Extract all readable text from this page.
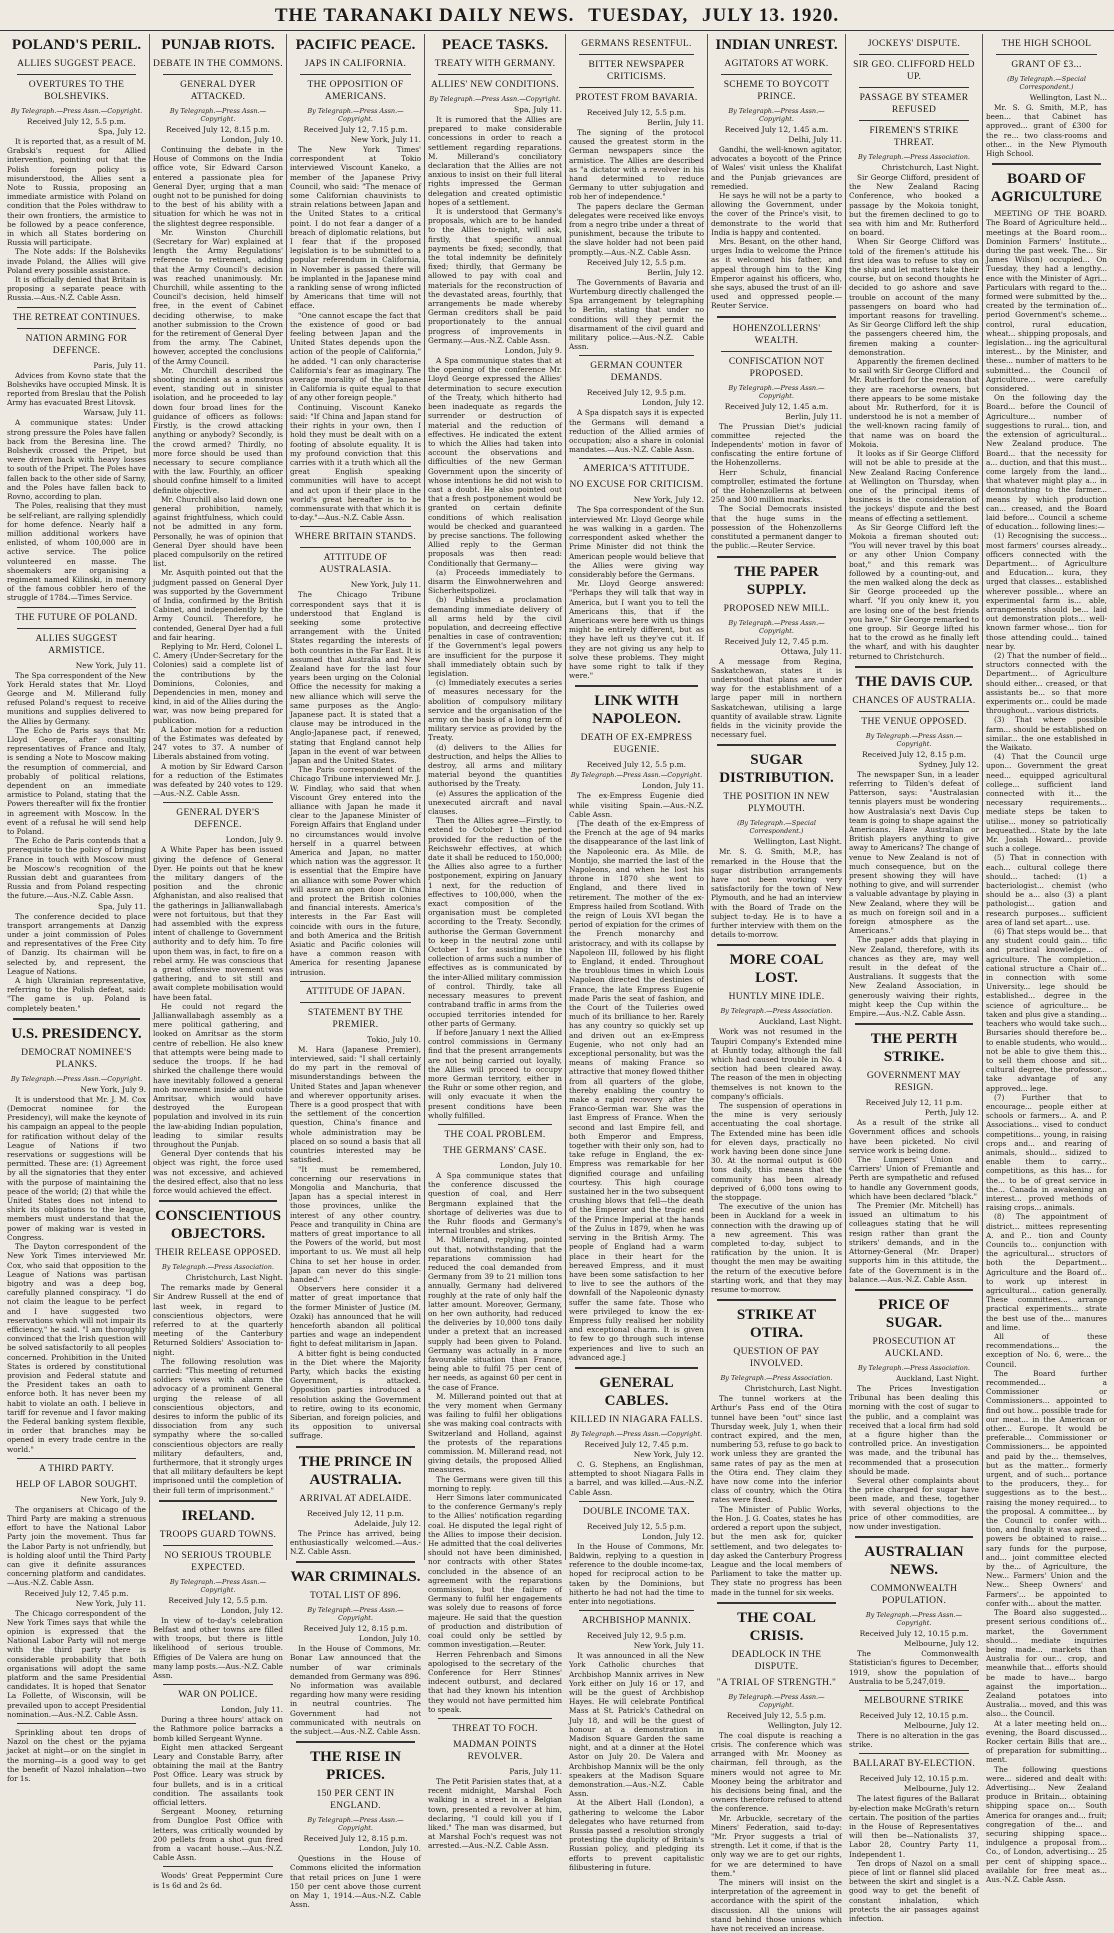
THE TARANAKI DAILY NEWS. TUESDAY, JULY 13. 1920.
POLAND'S PERIL.
ALLIES SUGGEST PEACE.
OVERTURES TO THE BOLSHEVIKS.
By Telegraph.—Press Assn.—Copyright.
Received July 12, 5.5 p.m.
Spa, July 12.
It is reported that, as a result of M. Grabski's request for Allied intervention, pointing out that the Polish foreign policy is misunderstood, the Allies sent a Note to Russia, proposing an immediate armistice with Poland on condition that the Poles withdraw to their own frontiers, the armistice to be followed by a peace conference, in which all States bordering on Russia will participate.
The Note adds: If the Bolsheviks invade Poland, the Allies will give Poland every possible assistance.
It is officially denied that Britain is proposing a separate peace with Russia.—Aus.-N.Z. Cable Assn.
THE RETREAT CONTINUES.
NATION ARMING FOR DEFENCE.
Paris, July 11.
Advices from Kovno state that the Bolsheviks have occupied Minsk. It is reported from Breslau that the Polish Army has evacuated Brest Litovsk.
Warsaw, July 11.
A communique states: Under strong pressure the Poles have fallen back from the Beresina line. The Bolshevik crossed the Pripet, but were driven back with heavy losses to south of the Pripet. The Poles have fallen back to the other side of Sarny, and the Poles have fallen back to Rovno, according to plan.
The Poles, realising that they must be self-reliant, are rallying splendidly for home defence. Nearly half a million additional workers have enlisted, of whom 100,000 are in active service. The police volunteered en masse. The shoemakers are organising a regiment named Kilinski, in memory of the famous cobbler hero of the struggle of 1784.—Times Service.
THE FUTURE OF POLAND.
ALLIES SUGGEST ARMISTICE.
New York, July 11.
The Spa correspondent of the New York Herald states that Mr. Lloyd George and M. Millerand fully refused Poland's request to receive munitions and supplies delivered to the Allies by Germany.
The Echo de Paris says that Mr. Lloyd George, after consulting representatives of France and Italy, is sending a Note to Moscow making the resumption of commercial, and probably of political relations, dependent on an immediate armistice to Poland, stating that the Powers thereafter will fix the frontier in agreement with Moscow. In the event of a refusal he will send help to Poland.
The Echo de Paris contends that a prerequisite to the policy of bringing France in touch with Moscow must be Moscow's recognition of the Russian debt and guarantees from Russia and from Poland respecting the future.—Aus.-N.Z. Cable Assn.
Spa, July 11.
The conference decided to place transport arrangements at Danzig under a joint commission of Poles and representatives of the Free City of Danzig. Its chairman will be selected by, and represent, the League of Nations.
A high Ukrainian representative, referring to the Polish defeat, said: "The game is up. Poland is completely beaten."
U.S. PRESIDENCY.
DEMOCRAT NOMINEE'S PLANKS.
By Telegraph.—Press Assn.—Copyright.
New York, July 9.
It is understood that Mr. J. M. Cox (Democrat nominee for the Presidency), will make the keynote of his campaign an appeal to the people for ratification without delay of the League of Nations if two reservations or suggestions will be permitted. These are: (1) Agreement by all the signatories that they enter with the purpose of maintaining the peace of the world; (2) that while the United States does not intend to shirk its obligations to the league, members must understand that the power of making war is vested in Congress.
The Dayton correspondent of the New York Times interviewed Mr. Cox, who said that opposition to the League of Nations was partisan bigotry and was a deep bog, carefully planned conspiracy. "I do not claim the league to be perfect and I have suggested two reservations which will not impair its efficiency," he said. "I am thoroughly convinced that the Irish question will be solved satisfactorily to all peoples concerned. Prohibition in the United States is ordered by constitutional provision and Federal statute and the President takes an oath to enforce both. It has never been my habit to violate an oath. I believe in tariff for revenue and I favor making the Federal banking system flexible, in order that branches may be opened in every trade centre in the world."
A THIRD PARTY.
HELP OF LABOR SOUGHT.
New York, July 9.
The organisers at Chicago of the Third Party are making a strenuous effort to have the National Labor Party join the movement. Thus far the Labor Party is not unfriendly, but is holding aloof until the Third Party can give it definite assurances concerning platform and candidates.—Aus.-N.Z. Cable Assn.
Received July 12, 7.45 p.m.
New York, July 11.
The Chicago correspondent of the New York Times says that while the opinion is expressed that the National Labor Party will not merge with the third party there is considerable probability that both organisations will adopt the same platform and the same Presidential candidates. It is hoped that Senator La Follette, of Wisconsin, will be prevailed upon to accept Presidential nomination.—Aus.-N.Z. Cable Assn.
Sprinkling about ten drops of Nazol on the chest or the pyjama jacket at night—or on the singlet in the morning—is a good way to get the benefit of Nazol inhalation—two for 1s.
PUNJAB RIOTS.
DEBATE IN THE COMMONS.
GENERAL DYER ATTACKED.
By Telegraph.—Press Assn.—Copyright.
Received July 12, 8.15 p.m.
London, July 10.
Continuing the debate in the House of Commons on the India office vote, Sir Edward Carson entered a passionate plea for General Dyer, urging that a man ought not to be punished for doing to the best of his ability with a situation for which he was not in the slightest degree responsible.
Mr. Winston Churchill (Secretary for War) explained at length the Army Regulations' reference to retirement, adding that the Army Council's decision was reached unanimously. Mr. Churchill, while assenting to the Council's decision, held himself free, in the event of Cabinet deciding otherwise, to make another submission to the Crown for the retirement of General Dyer from the army. The Cabinet, however, accepted the conclusions of the Army Council.
Mr. Churchill described the shooting incident as a monstrous event, standing out in sinister isolation, and he proceeded to lay down four broad lines for the guidance of officers as follows: Firstly, is the crowd attacking anything or anybody? Secondly, is the crowd armed? Thirdly, no more force should be used than necessary to secure compliance with the law. Fourthly, an officer should confine himself to a limited definite objective.
Mr. Churchill also laid down one general prohibition, namely, against frightfulness, which could not be admitted in any form. Personally, he was of opinion that General Dyer should have been placed compulsorily on the retired list.
Mr. Asquith pointed out that the judgment passed on General Dyer was supported by the Government of India, confirmed by the British Cabinet, and independently by the Army Council. Therefore, he contended, General Dyer had a full and fair hearing.
Replying to Mr. Herd, Colonel L. C. Amery (Under-Secretary for the Colonies) said a complete list of the contributions by the Dominions, Colonies, and Dependencies in men, money and kind, in aid of the Allies during the war, was now being prepared for publication.
A Labor motion for a reduction of the Estimates was defeated by 247 votes to 37. A number of Liberals abstained from voting.
A motion by Sir Edward Carson for a reduction of the Estimates was defeated by 240 votes to 129.—Aus.-N.Z. Cable Assn.
GENERAL DYER'S DEFENCE.
London, July 9.
A White Paper has been issued giving the defence of General Dyer. He points out that he knew the military dangers of the position and the chronic Afghanistan, and also realised that the gatherings in Jallianwallabagh were not fortuitous, but that they had assembled with the express intent of challenge to Government authority and to defy him. To fire upon them was, in fact, to fire on a rebel army. He was conscious that a great offensive movement was gathering, and to sit still and await complete mobilisation would have been fatal.
He could not regard the Jallianwallabagh assembly as a mere political gathering, and looked on Amritsar as the storm centre of rebellion. He also knew that attempts were being made to seduce the troops. If he had shirked the challenge there would have inevitably followed a general mob movement inside and outside Amritsar, which would have destroyed the European population and involved in its ruin the law-abiding Indian population, leading to similar results throughout the Punjab.
General Dyer contends that his object was right, the force used was not excessive, and achieved the desired effect, also that no less force would achieved the effect.
CONSCIENTIOUS OBJECTORS.
THEIR RELEASE OPPOSED.
By Telegraph.—Press Association.
Christchurch, Last Night.
The remarks made by General Sir Andrew Russell at the end of last week, in regard to conscientious objectors, were referred to at the quarterly meeting of the Canterbury Returned Soldiers' Association to-night.
The following resolution was carried: "This meeting of returned soldiers views with alarm the advocacy of a prominent General urging the release of all conscientious objectors, and desires to inform the public of its dissociation from any such sympathy where the so-called conscientious objectors are really military defaulters, and, furthermore, that it strongly urges that all military defaulters be kept imprisoned until the completion of their full term of imprisonment."
IRELAND.
TROOPS GUARD TOWNS.
NO SERIOUS TROUBLE EXPECTED.
By Telegraph.—Press Assn.—Copyright.
Received July 12, 5.5 p.m.
London, July 12.
In view of to-day's celebration Belfast and other towns are filled with troops, but there is little likelihood of serious trouble. Effigies of De Valera are hung on many lamp posts.—Aus.-N.Z. Cable Assn.
WAR ON POLICE.
London, July 11.
During a three hours' attack on the Rathmore police barracks a bomb killed Sergeant Wynne.
Eight men attacked Sergeant Leary and Constable Barry, after obtaining the mail at the Bantry Post Office. Leary was struck by four bullets, and is in a critical condition. The assailants took official letters.
Sergeant Mooney, returning from Dungloe Post Office with letters, was critically wounded by 200 pellets from a shot gun fired from a vacant house.—Aus.-N.Z. Cable Assn.
Woods' Great Peppermint Cure is 1s 6d and 2s 6d.
PACIFIC PEACE.
JAPS IN CALIFORNIA.
THE OPPOSITION OF AMERICANS.
By Telegraph.—Press Assn.—Copyright.
Received July 12, 7.15 p.m.
New York, July 11.
The New York Times' correspondent at Tokio interviewed Viscount Kaneko, a member of the Japanese Privy Council, who said: "The menace of some Californian chauvinists to strain relations between Japan and the United States to a critical point. I do not fear a danger of a breach of diplomatic relations, but I fear that if the proposed legislation is to be submitted to a popular referendum in California, in November is passed there will be implanted in the Japanese mind a rankling sense of wrong inflicted by Americans that time will not efface.
"One cannot escape the fact that the existence of good or bad feeling between Japan and the United States depends upon the action of the people of California," he added. "I can only characterise California's fear as imaginary. The average morality of the Japanese in California is quite equal to that of any other foreign people."
Continuing, Viscount Kaneko said: "If China and Japan stand for their rights in your own, then I hold they must be dealt with on a footing of absolute equality. It is my profound conviction that this carries with it a truth which all the great English speaking communities will have to accept and act upon if their place in the world's great hereafter is to be commensurate with that which it is to-day."—Aus.-N.Z. Cable Assn.
WHERE BRITAIN STANDS.
ATTITUDE OF AUSTRALASIA.
New York, July 11.
The Chicago Tribune correspondent says that it is understood that England is seeking some protective arrangement with the United States regarding the interests of both countries in the Far East. It is assumed that Australia and New Zealand have for the last four years been urging on the Colonial Office the necessity for making a new alliance which will serve the same purposes as the Anglo-Japanese pact. It is stated that a clause may be introduced in the Anglo-Japanese pact, if renewed, stating that England cannot help Japan in the event of war between Japan and the United States.
The Paris correspondent of the Chicago Tribune interviewed Mr. J. W. Findlay, who said that when Viscount Grey entered into the alliance with Japan he made it clear to the Japanese Minister of Foreign Affairs that England under no circumstances would involve herself in a quarrel between America and Japan, no matter which nation was the aggressor. It is essential that the Empire have an alliance with some Power which will assure an open door in China and protect the British colonies and financial interests. America's interests in the Far East will coincide with ours in the future, and both America and the British Asiatic and Pacific colonies will have a common reason with America for resenting Japanese intrusion.
ATTITUDE OF JAPAN.
STATEMENT BY THE PREMIER.
Tokio, July 10.
M. Hara (Japanese Premier), interviewed, said: "I shall certainly do my part in the removal of misunderstandings between the United States and Japan whenever and wherever opportunity arises. There is a good prospect that with the settlement of the concertion question, China's finance and whole administration may be placed on so sound a basis that all countries interested may be satisfied.
"It must be remembered, concerning our reservations in Mongolia and Manchuria, that Japan has a special interest in those provinces, unlike the interest of any other country. Peace and tranquility in China are matters of great importance to all the Powers of the world, but most important to us. We must all help China to set her house in order. Japan can never do this single-handed."
Observers here consider it a matter of great importance that the former Minister of Justice (M. Ozaki) has announced that he will henceforth abandon all political parties and wage an independent fight to defeat militarism in Japan.
A bitter fight is being conducted in the Diet where the Majority Party, which backs the existing Government, is attacked. Opposition parties introduced a resolution asking the Government to retire, owing to its economic, Siberian, and foreign policies, and its opposition to universal suffrage.
THE PRINCE IN AUSTRALIA.
ARRIVAL AT ADELAIDE.
Received July 12, 11 p.m.
Adelaide, July 12.
The Prince has arrived, being enthusiastically welcomed.—Aus.-N.Z. Cable Assn.
WAR CRIMINALS.
TOTAL LIST OF 896.
By Telegraph.—Press Assn.—Copyright.
Received July 12, 8.15 p.m.
London, July 10.
In the House of Commons, Mr. Bonar Law announced that the number of war criminals demanded from Germany was 896. No information was available regarding how many were residing in neutral countries. The Government had not communicated with neutrals on the subject.—Aus.-N.Z. Cable Assn.
THE RISE IN PRICES.
150 PER CENT IN ENGLAND.
By Telegraph.—Press Assn.—Copyright.
Received July 12, 8.15 p.m.
London, July 10.
Questions in the House of Commons elicited the information that retail prices on June 1 were 150 per cent above those current on May 1, 1914.—Aus.-N.Z. Cable Assn.
PEACE TASKS.
TREATY WITH GERMANY.
ALLIES' NEW CONDITIONS.
By Telegraph.—Press Assn.—Copyright.
Spa, July 11.
It is rumored that the Allies are prepared to make considerable concessions in order to reach a settlement regarding reparations. M. Millerand's conciliatory declaration that the Allies are not anxious to insist on their full literal rights impressed the German delegation and created optimistic hopes of a settlement.
It is understood that Germany's proposals, which are to be handed to the Allies to-night, will ask, firstly, that specific annual payments be fixed; secondly, that the total indemnity be definitely fixed; thirdly, that Germany be allowed to pay with coal and materials for the reconstruction of the devastated areas, fourthly, that arrangements be made whereby German creditors shall be paid proportionately to the annual progress of improvements in Germany.—Aus.-N.Z. Cable Assn.
London, July 9.
A Spa communique states that at the opening of the conference Mr. Lloyd George expressed the Allies' determination to secure execution of the Treaty, which hitherto had been inadequate as regards the surrender or destruction of material and the reduction of effectives. He indicated the extent to which the Allies had taken into account the observations and difficulties of the new German Government upon the sincerity of whose intentions he did not wish to cast a doubt. He also pointed out that a fresh postponement would be granted on certain definite conditions of which realisation would be checked and guaranteed by precise sanctions. The following Allied reply to the German proposals was then read: Conditionally that Germany—
(a) Proceeds immediately to disarm the Einwohnerwehren and Sicherheitspolizei.
(b) Publishes a proclamation demanding immediate delivery of all arms held by the civil population, and decreeing effective penalties in case of contravention; if the Government's legal powers are insufficient for the purpose it shall immediately obtain such by legislation.
(c) Immediately executes a series of measures necessary for the abolition of compulsory military service and the organisation of the army on the basis of a long term of military service as provided by the Treaty.
(d) delivers to the Allies for destruction, and helps the Allies to destroy, all arms and military material beyond the quantities authorised by the Treaty.
(e) Assures the application of the unexecuted aircraft and naval clauses.
Then the Allies agree—Firstly, to extend to October 1 the period provided for the reduction of the Reichswehr effectives, at which date it shall be reduced to 150,000; the Allies also agree to a further postponement, expiring on January 1 next, for the reduction of effectives to 100,000, when the exact composition of the organisation must be completed according to the Treaty. Secondly, authorise the German Government to keep in the neutral zone until October 1 for assisting in the collection of arms such a number of effectives as is communicated by the inter-Allied military commission of control. Thirdly, take all necessary measures to prevent contraband traffic in arms from the occupied territories intended for other parts of Germany.
If before January 1 next the Allied control commissions in Germany find that the present arrangements are not being carried out loyally, the Allies will proceed to occupy more German territory, either in the Ruhr or some other region, and will only evacuate it when the present conditions have been wholly fulfilled.
THE COAL PROBLEM.
THE GERMANS' CASE.
London, July 10.
A Spa communique states that the conference discussed the question of coal, and Herr Bergmann explained that the shortage of deliveries was due to the Ruhr floods and Germany's internal troubles and strikes.
M. Millerand, replying, pointed out that, notwithstanding that the reparations commission had reduced the coal demanded from Germany from 39 to 21 million tons annually, Germany had delivered roughly at the rate of only half the latter amount. Moreover, Germany, on her own authority, had reduced the deliveries by 10,000 tons daily under a pretext that an increased supply had been given to Poland. Germany was actually in a more favourable situation than France, being able to fulfil 75 per cent of her needs, as against 60 per cent in the case of France.
M. Millerand pointed out that at the very moment when Germany was failing to fulfil her obligations she was making coal contracts with Switzerland and Holland, against the protests of the reparations commission. M. Millerand read, not giving details, the proposed Allied measures.
The Germans were given till this morning to reply.
Herr Simons later communicated to the conference Germany's reply to the Allies' notification regarding coal. He disputed the legal right of the Allies to impose their decision. He admitted that the coal deliveries should not have been diminished, nor contracts with other States concluded in the absence of an agreement with the reparations commission, but the failure of Germany to fulfil her engagements was solely due to reasons of force majeure. He said that the question of production and distribution of coal could only be settled by common investigation.—Reuter.
Herren Fehrenbach and Simons apologised to the secretary of the Conference for Herr Stinnes' indecent outburst, and declared that had they known his intention they would not have permitted him to speak.
THREAT TO FOCH.
MADMAN POINTS REVOLVER.
Paris, July 11.
The Petit Parisien states that, at a recent midnight, Marshal Foch walking in a street in a Belgian town, presented a revolver at him, declaring, "I could kill you if I liked." The man was disarmed, but at Marshal Foch's request was not arrested.—Aus.-N.Z. Cable Assn.
GERMANS RESENTFUL.
BITTER NEWSPAPER CRITICISMS.
PROTEST FROM BAVARIA.
Received July 12, 5.5 p.m.
Berlin, July 11.
The signing of the protocol caused the greatest storm in the German newspapers since the armistice. The Allies are described as "a dictator with a revolver in his hand determined to reduce Germany to utter subjugation and rob her of independence."
The papers declare the German delegates were received like envoys from a negro tribe under a threat of punishment, because the tribute to the slave holder had not been paid promptly.—Aus.-N.Z. Cable Assn.
Received July 12, 5.5 p.m.
Berlin, July 12.
The Governments of Bavaria and Wurtemburg directly challenged the Spa arrangement by telegraphing to Berlin, stating that under no conditions will they permit the disarmament of the civil guard and military police.—Aus.-N.Z. Cable Assn.
GERMAN COUNTER DEMANDS.
Received July 12, 9.5 p.m.
London, July 12.
A Spa dispatch says it is expected the Germans will demand a reduction of the Allied armies of occupation; also a share in colonial mandates.—Aus.-N.Z. Cable Assn.
AMERICA'S ATTITUDE.
NO EXCUSE FOR CRITICISM.
New York, July 12.
The Spa correspondent of the Sun interviewed Mr. Lloyd George while he was walking in a garden. The correspondent asked whether the Prime Minister did not think the American people would believe that the Allies were giving way considerably before the Germans.
Mr. Lloyd George answered: "Perhaps they will talk that way in America, but I want you to tell the Americans this, that if the Americans were here with us things might be entirely different, but as they have left us they've cut it. If they are not giving us any help to solve these problems. They might have some right to talk if they were."
LINK WITH NAPOLEON.
DEATH OF EX-EMPRESS EUGENIE.
Received July 12, 5.5 p.m.
By Telegraph.—Press Assn.—Copyright.
London, July 11.
The ex-Empress Eugenie died while visiting Spain.—Aus.-N.Z. Cable Assn.
[The death of the ex-Empress of the French at the age of 94 marks the disappearance of the last link of the Napoleonic era. As Mlle. de Montijo, she married the last of the Napoleons, and when he lost his throne in 1870 she went to England, and there lived in retirement. The mother of the ex-Empress hailed from Scotland. With the reign of Louis XVI began the period of expiation for the crimes of the French monarchy and aristocracy, and with its collapse by Napoleon III, followed by his flight to England, it ended. Throughout the troublous times in which Louis Napoleon directed the destinies of France, the late Empress Eugenie made Paris the seat of fashion, and the Court of the Tuileries owed much of its brilliance to her. Rarely has any country so quickly set up and driven out an ex-Empress Eugenie, who not only had an exceptional personality, but was the means of making France so attractive that money flowed thither from all quarters of the globe, thereby enabling the country to make a rapid recovery after the Franco-German war. She was the last Empress of France. When the second and last Empire fell, and both Emperor and Empress, together with their only son, had to take refuge in England, the ex-Empress was remarkable for her dignified courage and unfailing courtesy. This high courage sustained her in the two subsequent crushing blows that fell—the death of the Emperor and the tragic end of the Prince Imperial at the hands of the Zulus in 1879, when he was serving in the British Army. The people of England had a warm place in their heart for the bereaved Empress, and it must have been some satisfaction to her to live to see the authors of the downfall of the Napoleonic dynasty suffer the same fate. Those who were privileged to know the ex-Empress fully realised her nobility and exceptional charm. It is given to few to go through such intense experiences and live to such an advanced age.]
GENERAL CABLES.
KILLED IN NIAGARA FALLS.
By Telegraph.—Press Assn.—Copyright.
Received July 12, 7.45 p.m.
New York, July 12.
C. G. Stephens, an Englishman, attempted to shoot Niagara Falls in a barrel, and was killed.—Aus.-N.Z. Cable Assn.
DOUBLE INCOME TAX.
Received July 12, 5.5 p.m.
London, July 12.
In the House of Commons, Mr. Baldwin, replying to a question in reference to the double income-tax, hoped for reciprocal action to be taken by the Dominions, but hitherto he had not had the time to enter into negotiations.
ARCHBISHOP MANNIX.
Received July 12, 9.5 p.m.
New York, July 11.
It was announced in all the New York Catholic churches that Archbishop Mannix arrives in New York either on July 16 or 17, and will be the guest of Archbishop Hayes. He will celebrate Pontifical Mass at St. Patrick's Cathedral on July 18, and will be the guest of honour at a demonstration in Madison Square Garden the same night, and at a dinner at the Hotel Astor on July 20. De Valera and Archbishop Mannix will be the only speakers at the Madison Square demonstration.—Aus.-N.Z. Cable Assn.
At the Albert Hall (London), a gathering to welcome the Labor delegates who have returned from Russia passed a resolution strongly protesting the duplicity of Britain's Russian policy, and pledging its efforts to prevent capitalistic filibustering in future.
INDIAN UNREST.
AGITATORS AT WORK.
SCHEME TO BOYCOTT PRINCE.
By Telegraph.—Press Assn.—Copyright.
Received July 12, 1.45 a.m.
Delhi, July 11.
Gandhi, the well-known agitator, advocates a boycott of the Prince of Wales' visit unless the Khalifat and the Punjab grievances are remedied.
He says he will not be a party to allowing the Government, under the cover of the Prince's visit, to demonstrate to the world that India is happy and contented.
Mrs. Besant, on the other hand, urges India to welcome the Prince as it welcomed his father, and appeal through him to the King Emperor against his officers, who, she says, abused the trust of an ill-used and oppressed people.—Reuter Service.
HOHENZOLLERNS' WEALTH.
CONFISCATION NOT PROPOSED.
By Telegraph.—Press Assn.—Copyright.
Received July 12, 1.45 a.m.
Berlin, July 11.
The Prussian Diet's judicial committee rejected the Independents' motion in favor of confiscating the entire fortune of the Hohenzollerns.
Herr Schulz, financial comptroller, estimated the fortune of the Hohenzollerns at between 250 and 300 million marks.
The Social Democrats insisted that the huge sums in the possession of the Hohenzollerns constituted a permanent danger to the public.—Reuter Service.
THE PAPER SUPPLY.
PROPOSED NEW MILL.
By Telegraph.—Press Assn.—Copyright.
Received July 12, 7.45 p.m.
Ottawa, July 11.
A message from Regina, Saskatchewan, states it is understood that plans are under way for the establishment of a large paper mill in northern Saskatchewan, utilising a large quantity of available straw. Lignite fields in the vicinity provide the necessary fuel.
SUGAR DISTRIBUTION.
THE POSITION IN NEW PLYMOUTH.
(By Telegraph.—Special Correspondent.)
Wellington, Last Night.
Mr. S. G. Smith, M.P., has remarked in the House that the sugar distribution arrangements have not been working very satisfactorily for the town of New Plymouth, and he had an interview with the Board of Trade on the subject to-day. He is to have a further interview with them on the details to-morrow.
MORE COAL LOST.
HUNTLY MINE IDLE.
By Telegraph.—Press Association.
Auckland, Last Night.
Work was not resumed in the Taupiri Company's Extended mine at Huntly today, although the fall which had caused trouble in No. 4 section had been cleared away. The reason of the men in objecting themselves is not known to the company's officials.
The suspension of operations in the mine is very seriously accentuating the coal shortage. The Extended mine has been idle for eleven days, practically no work having been done since June 30. At the normal output is 600 tons daily, this means that the community has been already deprived of 6,000 tons owing to the stoppage.
The executive of the union has been in Auckland for a week in connection with the drawing up of a new agreement. This was completed to-day, subject to ratification by the union. It is thought the men may be awaiting the return of the executive before starting work, and that they may resume to-morrow.
STRIKE AT OTIRA.
QUESTION OF PAY INVOLVED.
By Telegraph.—Press Association.
Christchurch, Last Night.
The tunnel workers at the Arthur's Pass end of the Otira tunnel have been "out" since last Thursday week, July 1, when their contract expired, and the men, numbering 53, refuse to go back to work unless they are granted the same rates of pay as the men at the Otira end. They claim they have now come into the inferior class of country, which the Otira rates were fixed.
The Minister of Public Works, the Hon. J. G. Coates, states he has ordered a report upon the subject, but the men ask for, quicker settlement, and two delegates to-day asked the Canterbury Progress League and the local members of Parliament to take the matter up. They state no progress has been made in the tunnel for six weeks.
THE COAL CRISIS.
DEADLOCK IN THE DISPUTE.
"A TRIAL OF STRENGTH."
By Telegraph.—Press Assn.—Copyright.
Received July 12, 5.5 p.m.
Wellington, July 12.
The coal dispute is reaching a crisis. The conference which was arranged with Mr. Mooney as chairman, fell through, as the miners would not agree to Mr. Mooney being the arbitrator and his decisions being final, and the owners therefore refused to attend the conference.
Mr. Arbuckle, secretary of the Miners' Federation, said to-day: "Mr. Pryor suggests a trial of strength. Let it come, if that is the only way we are to get our rights, for we are determined to have them."
The miners will insist on the interpretation of the agreement in accordance with the spirit of the discussion. All the unions will stand behind those unions which have not received an increase.
JOCKEYS' DISPUTE.
SIR GEO. CLIFFORD HELD UP.
PASSAGE BY STEAMER REFUSED
FIREMEN'S STRIKE THREAT.
By Telegraph.—Press Association.
Christchurch, Last Night.
Sir George Clifford, president of the New Zealand Racing Conference, who booked a passage by the Mokoia tonight, but the firemen declined to go to sea with him and Mr. Rutherford on board.
When Sir George Clifford was told of the firemen's attitude his first idea was to refuse to stay on the ship and let matters take their course, but on second thoughts he decided to go ashore and save trouble on account of the many passengers on board who had important reasons for travelling. As Sir George Clifford left the ship the passengers cheered him, the firemen making a counter-demonstration.
Apparently the firemen declined to sail with Sir George Clifford and Mr. Rutherford for the reason that they are racehorse owners, but there appears to be some mistake about Mr. Rutherford, for it is understood he is not a member of the well-known racing family of that name was on board the Mokoia.
It looks as if Sir George Clifford will not be able to preside at the New Zealand Racing Conference at Wellington on Thursday, when one of the principal items of business is the consideration of the jockeys' dispute and the best means of effecting a settlement.
As Sir George Clifford left the Mokoia a fireman shouted out: "You will never travel by this boat or any other Union Company boat," and this remark was followed by a counting-out, and the men walked along the deck as Sir George proceeded up the wharf. "If you only knew it, you are losing one of the best friends you have," Sir George remarked to one group. Sir George lifted his hat to the crowd as he finally left the wharf, and with his daughter returned to Christchurch.
THE DAVIS CUP.
CHANCES OF AUSTRALIA.
THE VENUE OPPOSED.
By Telegraph.—Press Assn.—Copyright.
Received July 12, 8.15 p.m.
Sydney, July 12.
The newspaper Sun, in a leader referring to Tilden's defeat of Patterson, says: "Australasian tennis players must be wondering how Australasia's next Davis Cup team is going to shape against the Americans. Have Australian or British players anything to give away to Americans? The change of venue to New Zealand is not of much consequence, but on the present showing they will have nothing to give, and will surrender a valuable advantage by playing in New Zealand, where they will be as much on foreign soil and in a foreign atmosphere as the Americans."
The paper adds that playing in New Zealand, therefore, with its chances as they are, may well result in the defeat of the Australians. It suggests that the New Zealand Association, in generously waiving their rights, might keep the Cup within the Empire.—Aus.-N.Z. Cable Assn.
THE PERTH STRIKE.
GOVERNMENT MAY RESIGN.
Received July 12, 11 p.m.
Perth, July 12.
As a result of the strike all Government offices and schools have been picketed. No civil service work is being done.
The Lumpers' Union and Carriers' Union of Fremantle and Perth are sympathetic and refused to handle any Government goods, which have been declared "black."
The Premier (Mr. Mitchell) has issued an ultimatum to his colleagues stating that he will resign rather than grant the strikers' demands, and in the Attorney-General (Mr. Draper) supports him in this attitude, the fate of the Government is in the balance.—Aus.-N.Z. Cable Assn.
PRICE OF SUGAR.
PROSECUTION AT AUCKLAND.
By Telegraph.—Press Association.
Auckland, Last Night.
The Prices Investigation Tribunal has been dealing this morning with the cost of sugar to the public, and a complaint was received that a local firm had sold at a figure higher than the controlled price. An investigation was made, and the tribunal has recommended that a prosecution should be made.
Several other complaints about the price charged for sugar have been made, and these, together with several objections to the price of other commodities, are now under investigation.
AUSTRALIAN NEWS.
COMMONWEALTH POPULATION.
By Telegraph.—Press Assn.—Copyright.
Received July 12, 10.15 p.m.
Melbourne, July 12.
The Commonwealth Statistician's figures to December, 1919, show the population of Australia to be 5,247,019.
MELBOURNE STRIKE
Received July 12, 10.15 p.m.
Melbourne, July 12.
There is no alteration in the gas strike.
BALLARAT BY-ELECTION.
Received July 12, 10.15 p.m.
Melbourne, July 12.
The latest figures of the Ballarat by-election make McGrath's return certain. The position of the parties in the House of Representatives will then be—Nationalists 37, Labor 28, Country Party 11, Independent 1.
Ten drops of Nazol on a small piece of lint or flannel slid placed between the skirt and singlet is a good way to get the benefit of constant inhalation, which protects the air passages against infection.
THE HIGH SCHOOL
GRANT OF £3...
(By Telegraph.—Special Correspondent.)
Wellington, Last N...
Mr. S. G. Smith, M.P., has been... that Cabinet has approved... grant of £300 for the re... two class-rooms and other... in the New Plymouth High School.
BOARD OF AGRICULTURE
MEETING OF THE BOARD. The Board of Agriculture held... meetings at the Board room... Dominion Farmers' Institute... during the past week. The... Sir James Wilson) occupied... On Tuesday, they had a lengthy... ence with the Minister of Agri... Particulars with regard to the... formed were submitted by the... created by the termination of... period Government's scheme... control, rural education, wheat... shipping proposals, and legislation... ing the agricultural interest... by the Minister, and these... number of matters to be submitted... the Council of Agriculture... were carefully considered.
On the following day the Board... before the Council of Agriculture... number of suggestions to rural... tion, and the extension of agricultural... New Zealand produce. The Board... that the necessity for a... duction, and that this must... come largely from the land... that whatever might play a... in demonstrating to the farmer... means by which production can... creased, and the Board laid before... Council a scheme of education... following lines:—
(1) Recognising the success... most farmers' courses already... officers connected with the Department... of Agriculture and Education... kura, they urged that classes... established wherever possible... where an experimental farm is... able, arrangements should be... laid out demonstration plots... well-known farmer whose... tion for those attending could... tained near by.
(2) That the number of field... structors connected with the Department... of Agriculture should either... creased, or that assistants be... so that more experiments or... could be made throughout... various districts.
(3) That where possible farm... should be established on similar... the one established in the Waikato.
(4) That the Council urge upon... Government the great need... equipped agricultural college... sufficient land connected with it... the necessary requirements... mediate steps be taken to utilise... money so patriotically bequeathed... State by the late Mr. Josiah Howard... provide such a college.
(5) That in connection with each... cultural college there should... tached: (1) a bacteriologist... chemist (who should be a... also (3) a plant pathologist... gation and research purposes... sufficient area of land set apart... use.
(6) That steps would be... that any student could gain... tific and practical knowledge... of agriculture. The completion... cational structure a Chair of... in connection with some University... lege should be established... degree in the science of agriculture... be taken and plus give a standing... teachers who would take such... Bursaries should therefore be... to enable students, who would... not be able to give them this... to sell them choose and sit... cultural degree, the professor... take advantage of any approved... lege.
(7) Further that to encourage... people either at schools or farmers... A. and P. Associations... vised to conduct competitions... young, in raising crops and... and rearing of animals, should... sidized to enable them to carry... competitions, as this has... for the... to be of great service in the... Canada in awakening an interest... proved methods of raising crops... animals.
(8) The appointment of district... mittees representing A. and P... tion and County Councils to... conjunction with the agricultural... structors of both the Department... Agriculture and the Board of... to work up interest in agricultural... cation generally. These committees... arrange practical experiments... strate the best use of the... manures and lime.
All of these recommendations... the exception of No. 6, were... the Council.
The Board further recommended... a Commissioner or Commissioners... appointed to find out how... possible trade for our meat... in the American or other... Europe. It would be preferable... Commissioner or Commissioners... be appointed and paid by the... themselves, but as the matter... formerly urgent, and of such... portance to the producers, they... for suggestions as to the best... raising the money required... to the proposal. A committee... by the Council to confer with... tion, and finally it was agreed... powers be obtained to raise... sary funds for the purpose, and... joint committee elected by the... of Agriculture, the New... Farmers' Union and the New... Sheep Owners' and Farmers'... be appointed to confer with... about the matter.
The Board also suggested... present serious conditions of... market, the Government should... mediate inquiries being made... markets than Australia for our... crop, and meanwhile that... efforts should be made to have... bargo against the importation... Zealand potatoes into Australia... moved, and this was also... the Council.
At a later meeting held on... evening, the Board discussed... Rocker certain Bills that are... of preparation for submitting... ment.
The following questions were... sidered and dealt with: Advertising... New Zealand produce in Britain... obtaining shipping space on... South America for oranges and... fruit; congregation of the... and securing shipping space... indulgence a proposal from... Co., of London, advertising... 25 per cent of shipping space... available for free meat as... Aus.-N.Z. Cable Assn.
